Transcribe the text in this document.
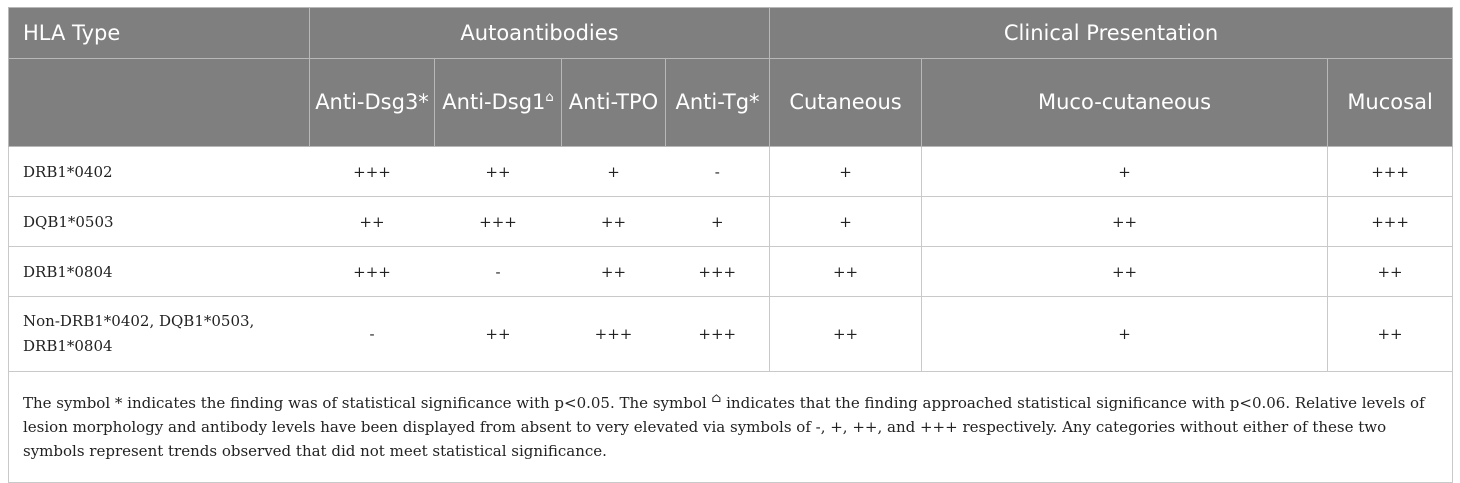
HLA Type	Autoantibodies				Clinical Presentation		
	Anti-Dsg3*	Anti-Dsg1⌂	Anti-TPO	Anti-Tg*	Cutaneous	Muco-cutaneous	Mucosal
DRB1*0402	+++	++	+	-	+	+	+++
DQB1*0503	++	+++	++	+	+	++	+++
DRB1*0804	+++	-	++	+++	++	++	++
Non-DRB1*0402, DQB1*0503, DRB1*0804	-	++	+++	+++	++	+	++
The symbol * indicates the finding was of statistical significance with p<0.05. The symbol ⌂ indicates that the finding approached statistical significance with p<0.06. Relative levels of lesion morphology and antibody levels have been displayed from absent to very elevated via symbols of -, +, ++, and +++ respectively. Any categories without either of these two symbols represent trends observed that did not meet statistical significance.							
